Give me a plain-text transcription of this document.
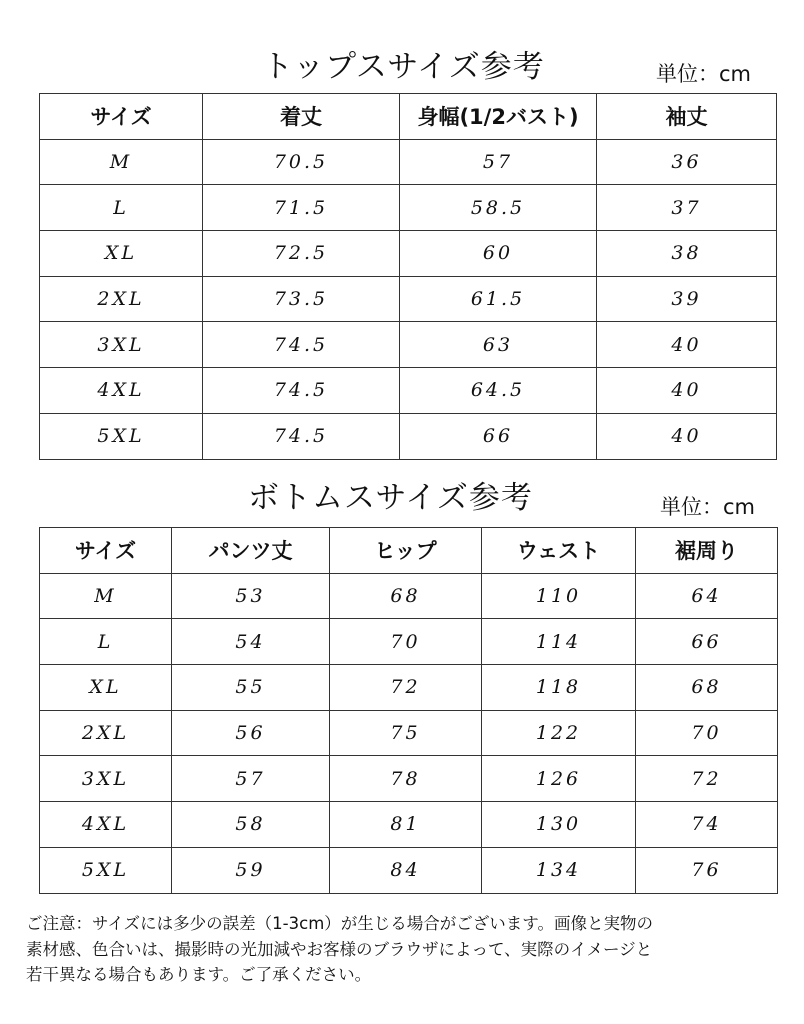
トップスサイズ参考	単位：cm
サイズ	着丈	身幅(1/2バスト)	袖丈
M	70.5	57	36
L	71.5	58.5	37
XL	72.5	60	38
2XL	73.5	61.5	39
3XL	74.5	63	40
4XL	74.5	64.5	40
5XL	74.5	66	40
ボトムスサイズ参考	単位：cm
サイズ	パンツ丈	ヒップ	ウェスト	裾周り
M	53	68	110	64
L	54	70	114	66
XL	55	72	118	68
2XL	56	75	122	70
3XL	57	78	126	72
4XL	58	81	130	74
5XL	59	84	134	76
ご注意：サイズには多少の誤差（1-3cm）が生じる場合がございます。画像と実物の
素材感、色合いは、撮影時の光加減やお客様のブラウザによって、実際のイメージと
若干異なる場合もあります。ご了承ください。
